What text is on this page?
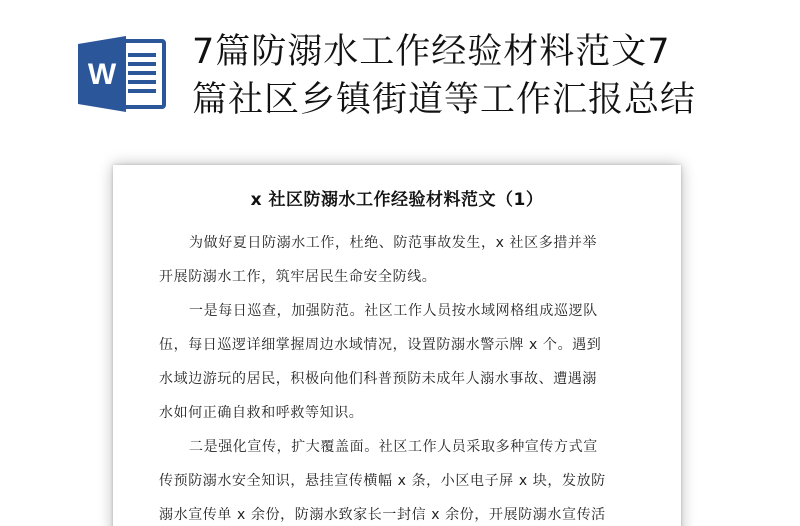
W
7篇防溺水工作经验材料范文7
篇社区乡镇街道等工作汇报总结
x 社区防溺水工作经验材料范文（1）
为做好夏日防溺水工作，杜绝、防范事故发生，x 社区多措并举
开展防溺水工作，筑牢居民生命安全防线。
一是每日巡查，加强防范。社区工作人员按水域网格组成巡逻队
伍，每日巡逻详细掌握周边水域情况，设置防溺水警示牌 x 个。遇到
水域边游玩的居民，积极向他们科普预防未成年人溺水事故、遭遇溺
水如何正确自救和呼救等知识。
二是强化宣传，扩大覆盖面。社区工作人员采取多种宣传方式宣
传预防溺水安全知识，悬挂宣传横幅 x 条，小区电子屏 x 块，发放防
溺水宣传单 x 余份，防溺水致家长一封信 x 余份，开展防溺水宣传活
